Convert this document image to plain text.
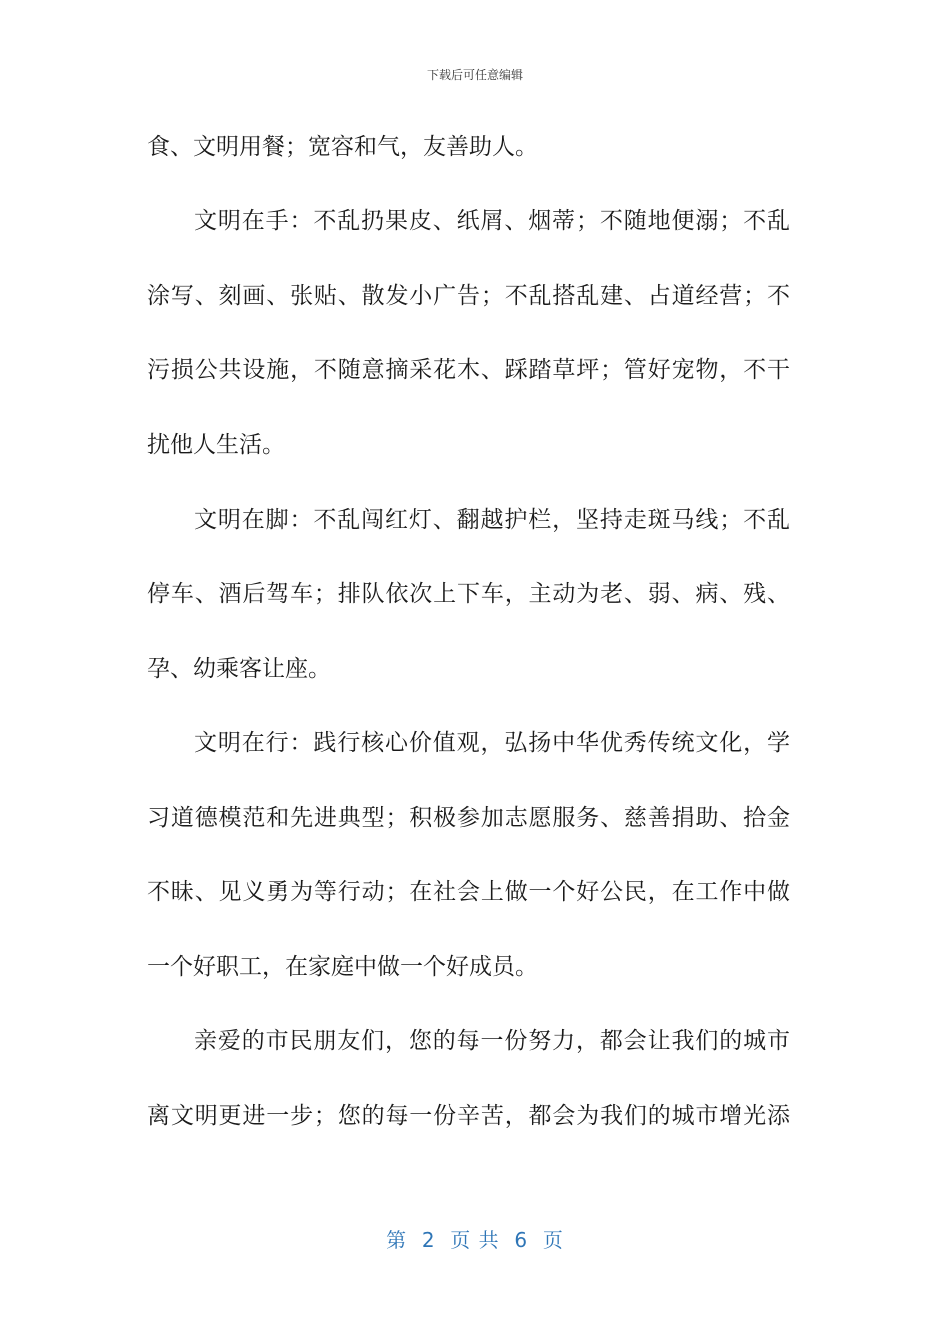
下载后可任意编辑
食、文明用餐；宽容和气，友善助人。
文明在手：不乱扔果皮、纸屑、烟蒂；不随地便溺；不乱
涂写、刻画、张贴、散发小广告；不乱搭乱建、占道经营；不
污损公共设施，不随意摘采花木、踩踏草坪；管好宠物，不干
扰他人生活。
文明在脚：不乱闯红灯、翻越护栏，坚持走斑马线；不乱
停车、酒后驾车；排队依次上下车，主动为老、弱、病、残、
孕、幼乘客让座。
文明在行：践行核心价值观，弘扬中华优秀传统文化，学
习道德模范和先进典型；积极参加志愿服务、慈善捐助、拾金
不昧、见义勇为等行动；在社会上做一个好公民，在工作中做
一个好职工，在家庭中做一个好成员。
亲爱的市民朋友们，您的每一份努力，都会让我们的城市
离文明更进一步；您的每一份辛苦，都会为我们的城市增光添
第  2  页 共  6  页
